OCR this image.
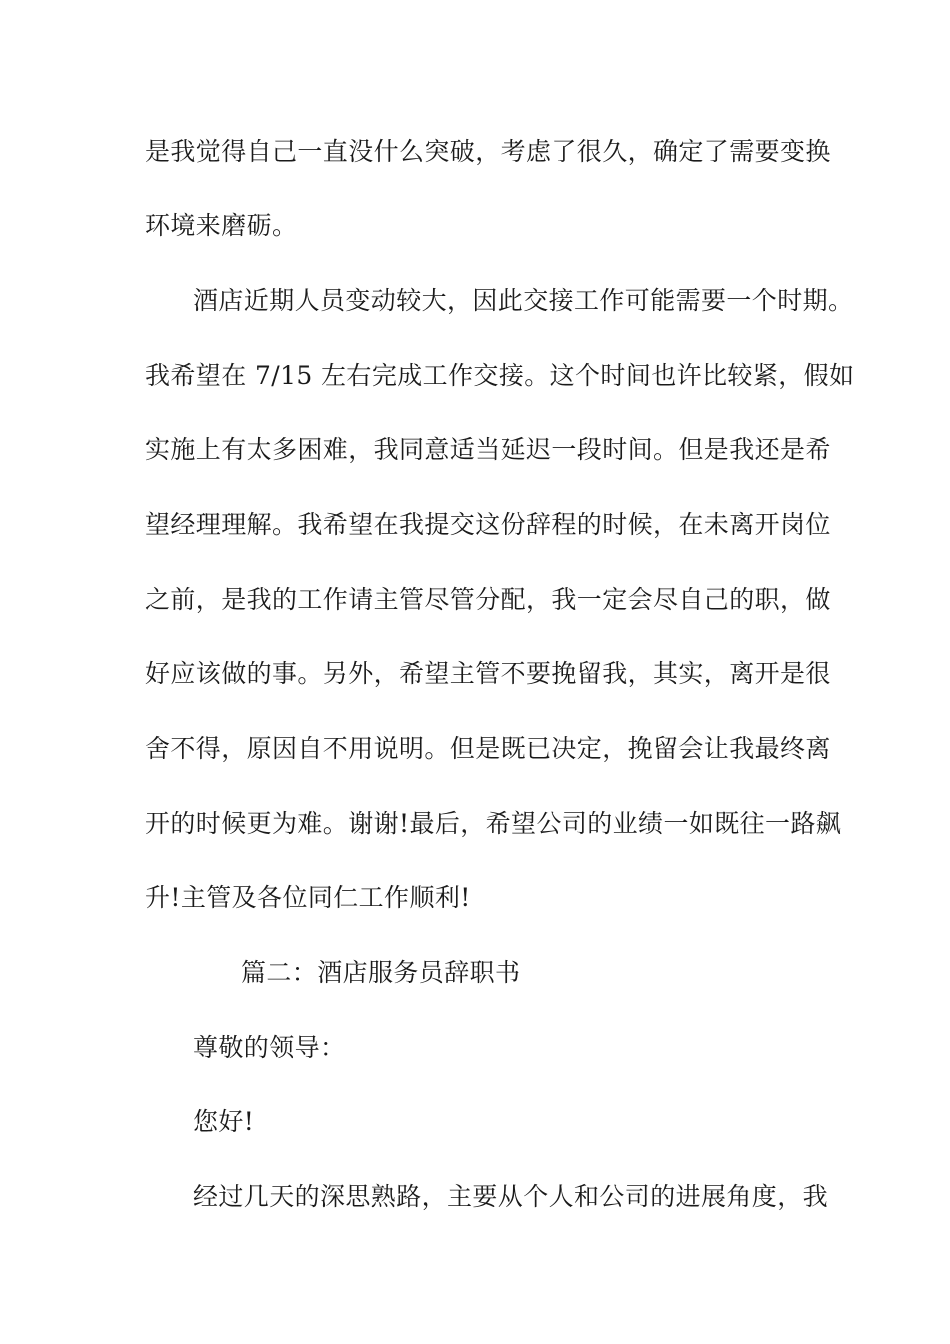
是我觉得自己一直没什么突破，考虑了很久，确定了需要变换
环境来磨砺。
酒店近期人员变动较大，因此交接工作可能需要一个时期。
我希望在 7/15 左右完成工作交接。这个时间也许比较紧，假如
实施上有太多困难，我同意适当延迟一段时间。但是我还是希
望经理理解。我希望在我提交这份辞程的时候，在未离开岗位
之前，是我的工作请主管尽管分配，我一定会尽自己的职，做
好应该做的事。另外，希望主管不要挽留我，其实，离开是很
舍不得，原因自不用说明。但是既已决定，挽留会让我最终离
开的时候更为难。谢谢!最后，希望公司的业绩一如既往一路飙
升!主管及各位同仁工作顺利!
篇二：酒店服务员辞职书
尊敬的领导：
您好!
经过几天的深思熟路，主要从个人和公司的进展角度，我
